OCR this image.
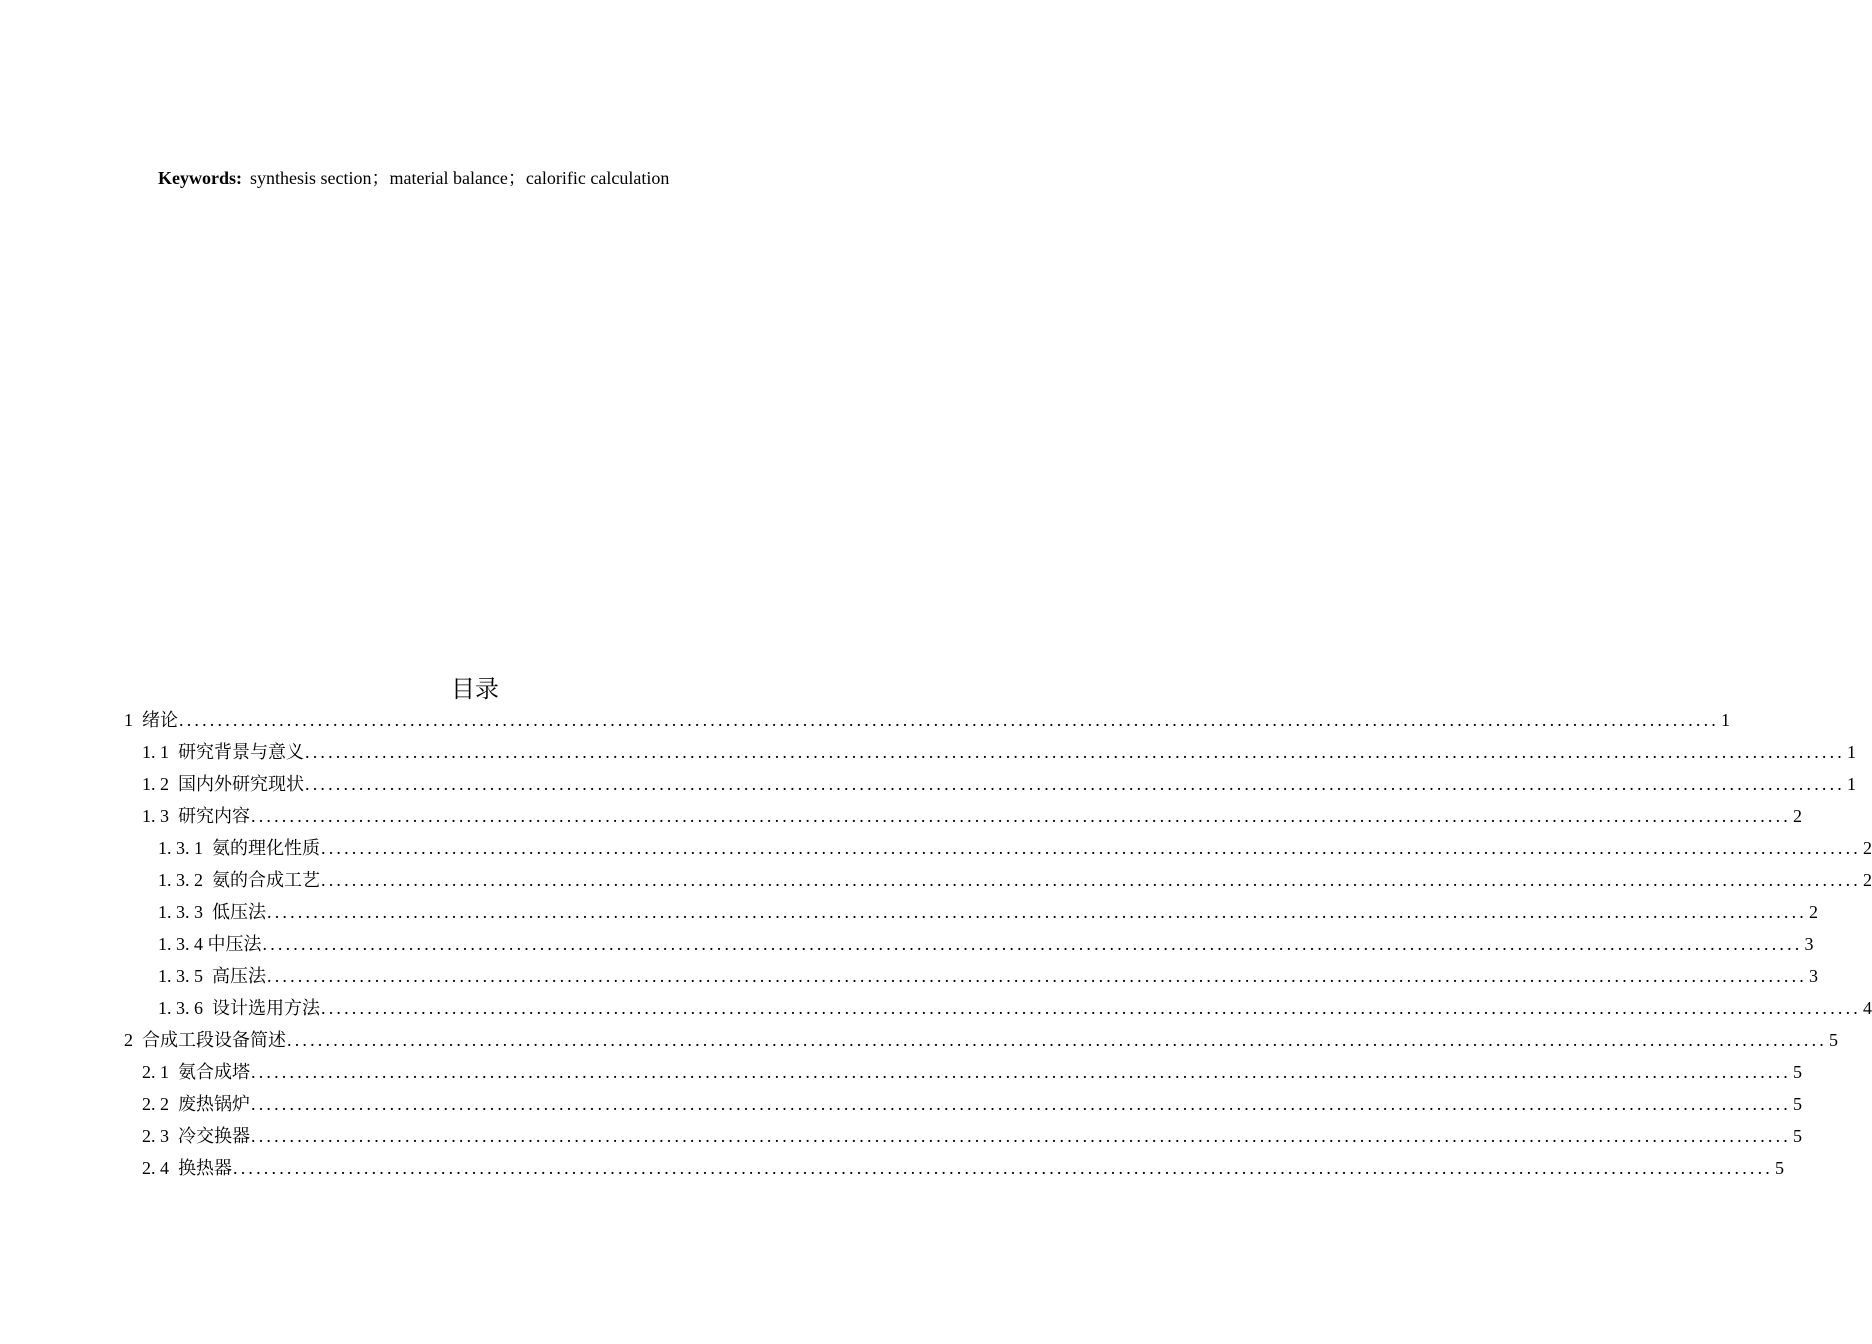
Keywords: synthesis section；material balance；calorific calculation
目录
1 绪论 ........................................................................................................................................................................................................ 1
1. 1 研究背景与意义 ........................................................................................................................................................................................................ 1
1. 2 国内外研究现状 ........................................................................................................................................................................................................ 1
1. 3 研究内容 ........................................................................................................................................................................................................ 2
1. 3. 1 氨的理化性质 ........................................................................................................................................................................................................ 2
1. 3. 2 氨的合成工艺 ........................................................................................................................................................................................................ 2
1. 3. 3 低压法 ........................................................................................................................................................................................................ 2
1. 3. 4 中压法 ........................................................................................................................................................................................................ 3
1. 3. 5 高压法 ........................................................................................................................................................................................................ 3
1. 3. 6 设计选用方法 ........................................................................................................................................................................................................ 4
2 合成工段设备简述 ........................................................................................................................................................................................................ 5
2. 1 氨合成塔 ........................................................................................................................................................................................................ 5
2. 2 废热锅炉 ........................................................................................................................................................................................................ 5
2. 3 冷交换器 ........................................................................................................................................................................................................ 5
2. 4 换热器 ........................................................................................................................................................................................................ 5
